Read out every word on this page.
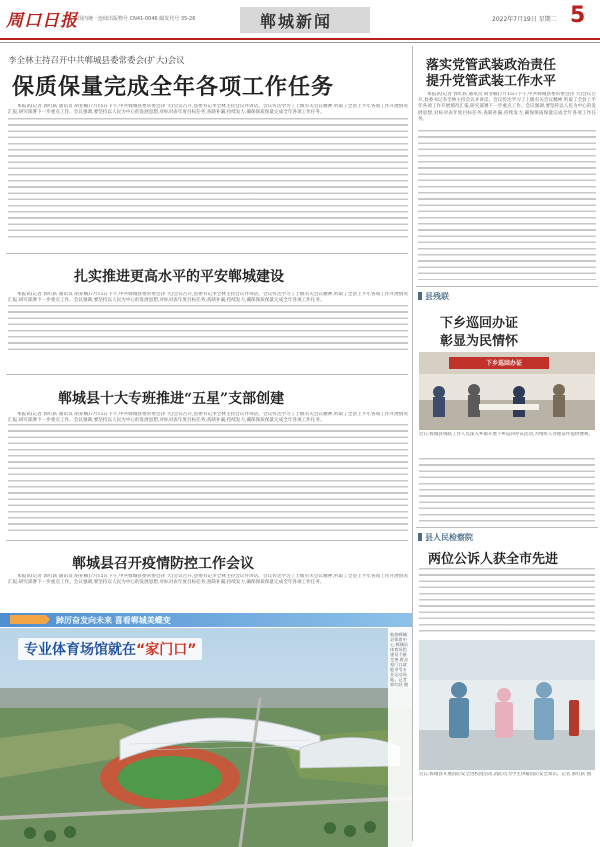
周口日报 国内统一连续出版物号 CN41-0046 邮发代号 35-26	郸城新闻	2022年7月19日 星期二 5
李全林主持召开中共郸城县委常委会(扩大)会议
保质保量完成全年各项工作任务

本报讯(记者 郭红跃 通讯员 胡亚楠)7月15日下午,中共郸城县委常委会(扩大)会议召开,县委书记李全林主持会议并讲话。会议传达学习了上级有关会议精神,听取了全县上半年各项工作开展情况汇报,研究部署下一步重点工作。会议强调,要坚持以人民为中心的发展思想,对标对表年度目标任务,查缺补漏,持续发力,确保保质保量完成全年各项工作任务。

扎实推进更高水平的平安郸城建设

本报讯(记者 郭红跃 通讯员 胡亚楠)7月15日下午,中共郸城县委常委会(扩大)会议召开,县委书记李全林主持会议并讲话。会议传达学习了上级有关会议精神,听取了全县上半年各项工作开展情况汇报,研究部署下一步重点工作。会议强调,要坚持以人民为中心的发展思想,对标对表年度目标任务,查缺补漏,持续发力,确保保质保量完成全年各项工作任务。

郸城县十大专班推进“五星”支部创建

本报讯(记者 郭红跃 通讯员 胡亚楠)7月15日下午,中共郸城县委常委会(扩大)会议召开,县委书记李全林主持会议并讲话。会议传达学习了上级有关会议精神,听取了全县上半年各项工作开展情况汇报,研究部署下一步重点工作。会议强调,要坚持以人民为中心的发展思想,对标对表年度目标任务,查缺补漏,持续发力,确保保质保量完成全年各项工作任务。

郸城县召开疫情防控工作会议

本报讯(记者 郭红跃 通讯员 胡亚楠)7月15日下午,中共郸城县委常委会(扩大)会议召开,县委书记李全林主持会议并讲话。会议传达学习了上级有关会议精神,听取了全县上半年各项工作开展情况汇报,研究部署下一步重点工作。会议强调,要坚持以人民为中心的发展思想,对标对表年度目标任务,查缺补漏,持续发力,确保保质保量完成全年各项工作任务。

踔厉奋发向未来 喜看郸城美蝶变
专业体育场馆就在“家门口”
航拍郸城县体育中心,郸城县体育场馆建设不断完善,群众家门口就能享受专业运动场地。记者 郭红跃 摄
落实党管武装政治责任
提升党管武装工作水平

本报讯(记者 郭红跃 通讯员 胡亚楠)7月15日下午,中共郸城县委常委会(扩大)会议召开,县委书记李全林主持会议并讲话。会议传达学习了上级有关会议精神,听取了全县上半年各项工作开展情况汇报,研究部署下一步重点工作。会议强调,要坚持以人民为中心的发展思想,对标对表年度目标任务,查缺补漏,持续发力,确保保质保量完成全年各项工作任务。

县残联
下乡巡回办证
彰显为民情怀
下乡巡回办证
近日,郸城县残联工作人员深入乡镇开展下乡巡回办证活动,为残疾人办理证件提供便利。
县人民检察院
两位公诉人获全市先进
近日,郸城县开展消防安全进校园活动,消防员为学生讲解消防安全知识。记者 郭红跃 摄
